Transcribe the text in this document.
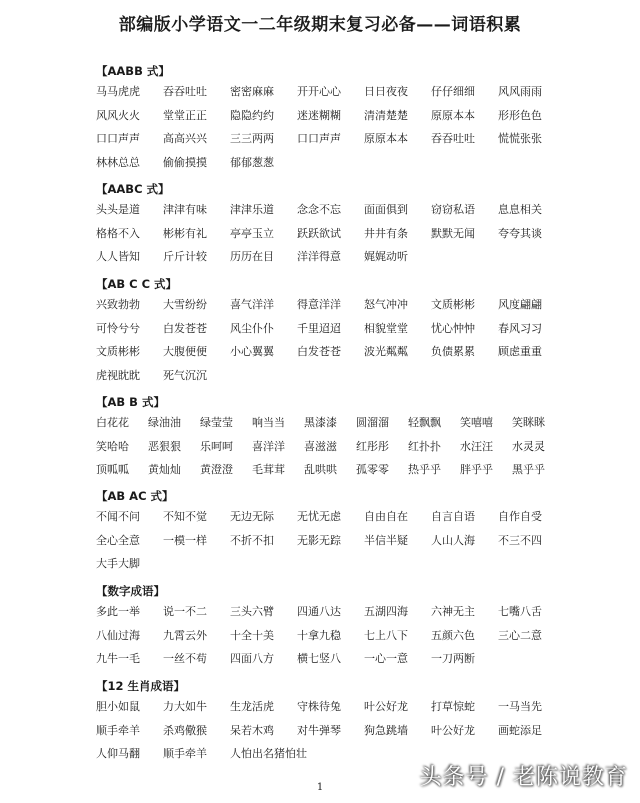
部编版小学语文一二年级期末复习必备——词语积累
【AABB 式】
马马虎虎	吞吞吐吐	密密麻麻	开开心心	日日夜夜	仔仔细细	风风雨雨
风风火火	堂堂正正	隐隐约约	迷迷糊糊	清清楚楚	原原本本	形形色色
口口声声	高高兴兴	三三两两	口口声声	原原本本	吞吞吐吐	慌慌张张
林林总总	偷偷摸摸	郁郁葱葱
【AABC 式】
头头是道	津津有味	津津乐道	念念不忘	面面俱到	窃窃私语	息息相关
格格不入	彬彬有礼	亭亭玉立	跃跃欲试	井井有条	默默无闻	夸夸其谈
人人皆知	斤斤计较	历历在目	洋洋得意	娓娓动听
【AB C C 式】
兴致勃勃	大雪纷纷	喜气洋洋	得意洋洋	怒气冲冲	文质彬彬	风度翩翩
可怜兮兮	白发苍苍	风尘仆仆	千里迢迢	相貌堂堂	忧心忡忡	春风习习
文质彬彬	大腹便便	小心翼翼	白发苍苍	波光粼粼	负债累累	顾虑重重
虎视眈眈	死气沉沉
【AB B 式】
白花花	绿油油	绿莹莹	响当当	黑漆漆	圆溜溜	轻飘飘	笑嘻嘻	笑眯眯
笑哈哈	恶狠狠	乐呵呵	喜洋洋	喜滋滋	红彤彤	红扑扑	水汪汪	水灵灵
顶呱呱	黄灿灿	黄澄澄	毛茸茸	乱哄哄	孤零零	热乎乎	胖乎乎	黑乎乎
【AB AC 式】
不闻不问	不知不觉	无边无际	无忧无虑	自由自在	自言自语	自作自受
全心全意	一模一样	不折不扣	无影无踪	半信半疑	人山人海	不三不四
大手大脚
【数字成语】
多此一举	说一不二	三头六臂	四通八达	五湖四海	六神无主	七嘴八舌
八仙过海	九霄云外	十全十美	十拿九稳	七上八下	五颜六色	三心二意
九牛一毛	一丝不苟	四面八方	横七竖八	一心一意	一刀两断
【12 生肖成语】
胆小如鼠	力大如牛	生龙活虎	守株待兔	叶公好龙	打草惊蛇	一马当先
顺手牵羊	杀鸡儆猴	呆若木鸡	对牛弹琴	狗急跳墙	叶公好龙	画蛇添足
人仰马翻	顺手牵羊	人怕出名猪怕壮
1	头条号 / 老陈说教育
